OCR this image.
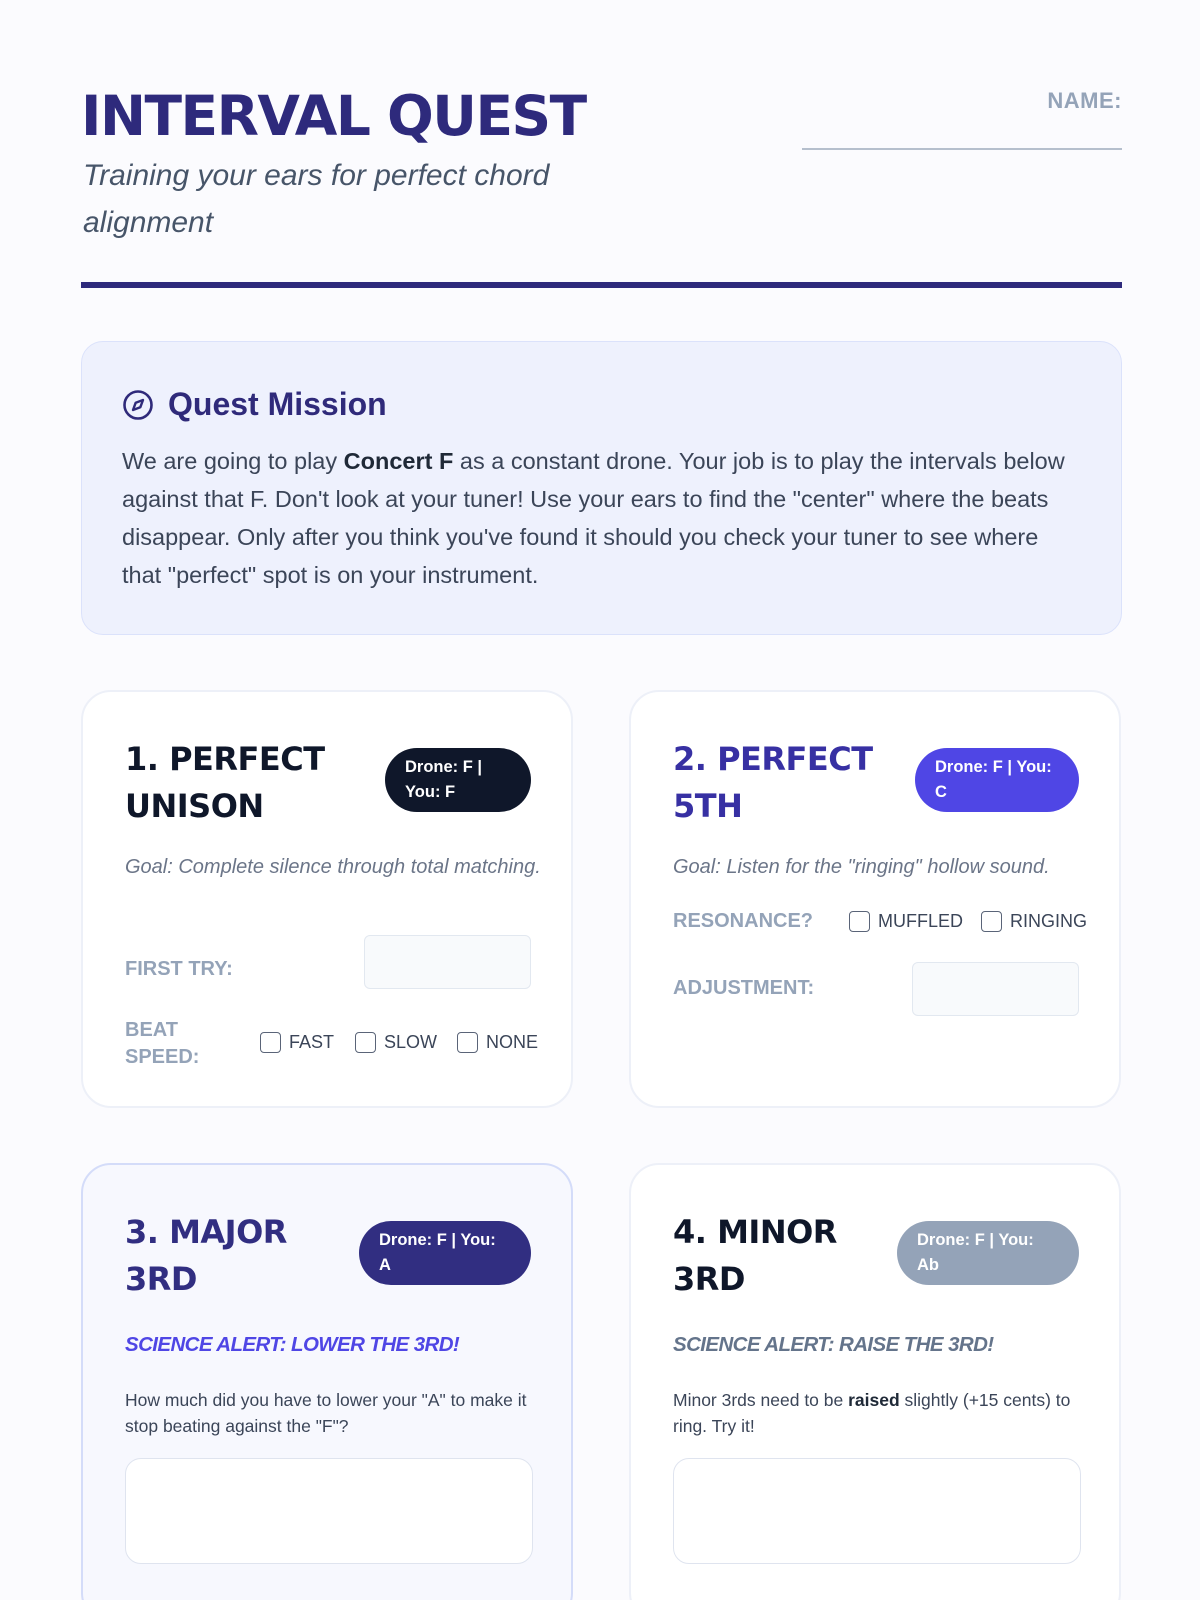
INTERVAL QUEST
Training your ears for perfect chord alignment
NAME:
Quest Mission

We are going to play Concert F as a constant drone. Your job is to play the intervals below against that F. Don't look at your tuner! Use your ears to find the "center" where the beats disappear. Only after you think you've found it should you check your tuner to see where that "perfect" spot is on your instrument.

1. PERFECT UNISON
Drone: F | You: F
Goal: Complete silence through total matching.
FIRST TRY:
BEAT SPEED:
FAST	SLOW	NONE
2. PERFECT 5TH
Drone: F | You: C
Goal: Listen for the "ringing" hollow sound.
RESONANCE?	MUFFLED	RINGING
ADJUSTMENT:
3. MAJOR 3RD
Drone: F | You: A
SCIENCE ALERT: LOWER THE 3RD!
How much did you have to lower your "A" to make it stop beating against the "F"?
4. MINOR 3RD
Drone: F | You: Ab
SCIENCE ALERT: RAISE THE 3RD!
Minor 3rds need to be raised slightly (+15 cents) to ring. Try it!
